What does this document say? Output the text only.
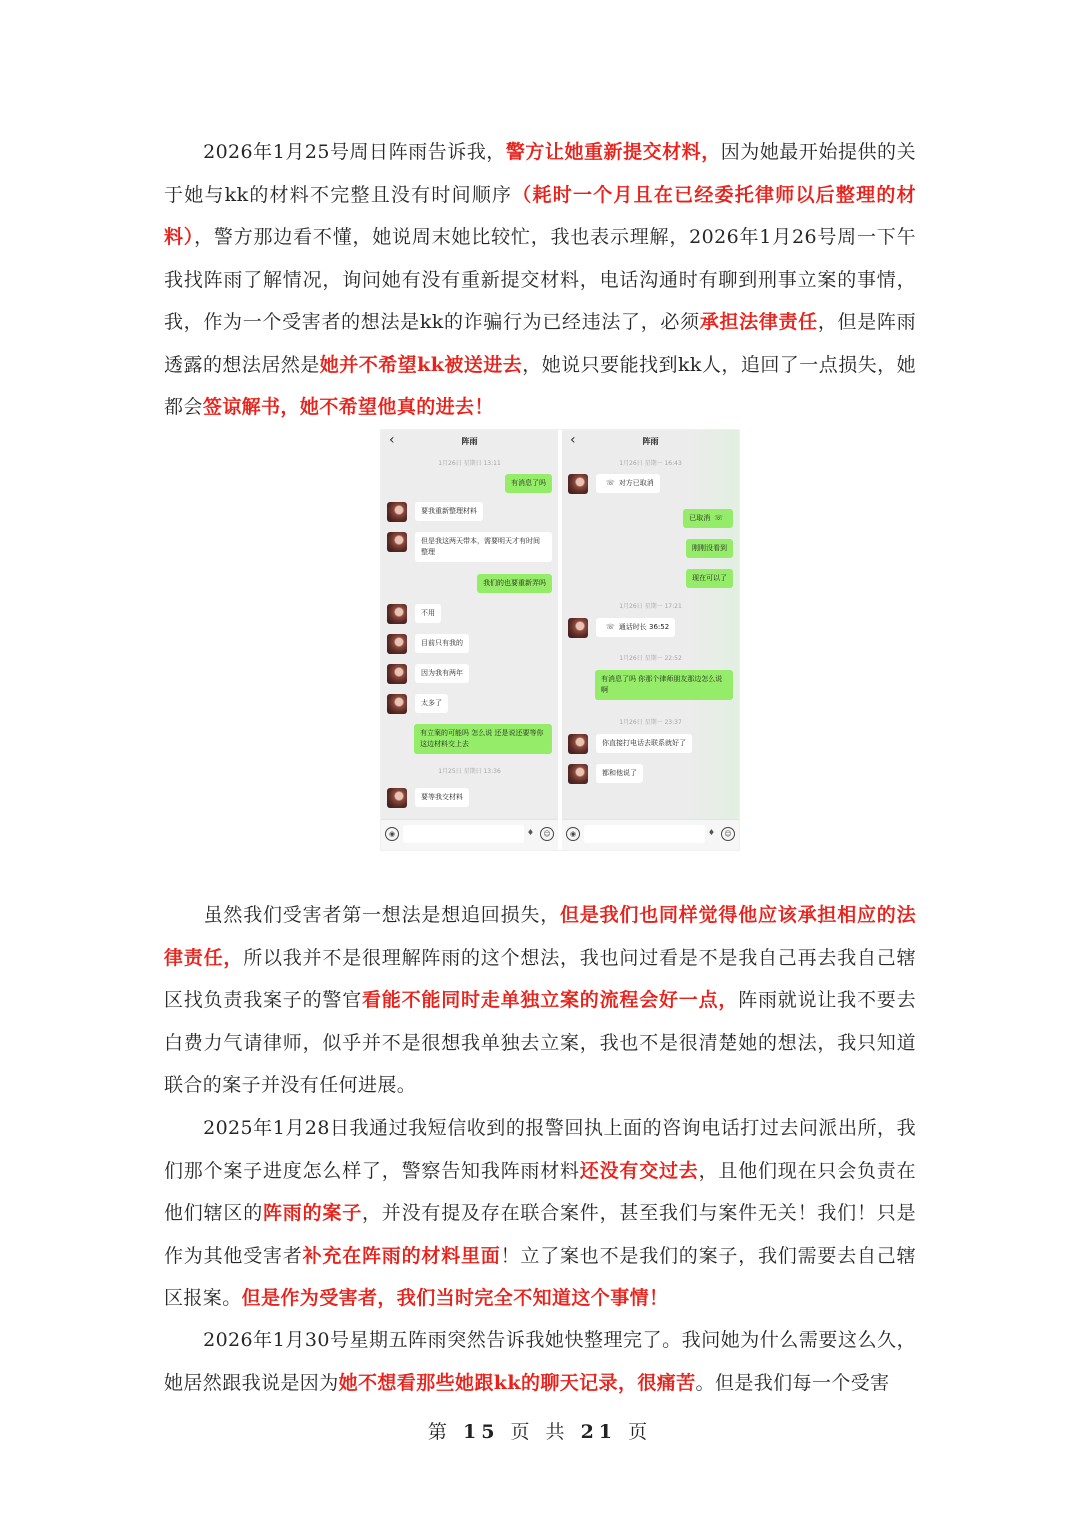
　　2026年1月25号周日阵雨告诉我，警方让她重新提交材料，因为她最开始提供的关于她与kk的材料不完整且没有时间顺序（耗时一个月且在已经委托律师以后整理的材料），警方那边看不懂，她说周末她比较忙，我也表示理解，2026年1月26号周一下午我找阵雨了解情况，询问她有没有重新提交材料，电话沟通时有聊到刑事立案的事情，我，作为一个受害者的想法是kk的诈骗行为已经违法了，必须承担法律责任，但是阵雨透露的想法居然是她并不希望kk被送进去，她说只要能找到kk人，追回了一点损失，她都会签谅解书，她不希望他真的进去！

‹	阵雨
1月26日 星期日 13:11
有消息了吗
要我重新整理材料
但是我这两天带本，需要明天才有时间整理
我们的也要重新弄吗
不用
目前只有我的
因为我有两年
太多了
有立案的可能吗 怎么说 还是说还要等你这边材料交上去
1月25日 星期日 13:36
要等我交材料
◉	♦	☺
‹	阵雨
1月26日 星期一 16:43
☏ 对方已取消
已取消 ☏
刚刚没看到
现在可以了
1月26日 星期一 17:21
☏ 通话时长 36:52
1月26日 星期一 22:52
有消息了吗 你那个律师朋友那边怎么说啊
1月26日 星期一 23:37
你直接打电话去联系就好了
都和他说了
◉	♦	☺

　　虽然我们受害者第一想法是想追回损失，但是我们也同样觉得他应该承担相应的法律责任，所以我并不是很理解阵雨的这个想法，我也问过看是不是我自己再去我自己辖区找负责我案子的警官看能不能同时走单独立案的流程会好一点，阵雨就说让我不要去白费力气请律师，似乎并不是很想我单独去立案，我也不是很清楚她的想法，我只知道联合的案子并没有任何进展。

　　2025年1月28日我通过我短信收到的报警回执上面的咨询电话打过去问派出所，我们那个案子进度怎么样了，警察告知我阵雨材料还没有交过去，且他们现在只会负责在他们辖区的阵雨的案子，并没有提及存在联合案件，甚至我们与案件无关！我们！只是作为其他受害者补充在阵雨的材料里面！立了案也不是我们的案子，我们需要去自己辖区报案。但是作为受害者，我们当时完全不知道这个事情！

　　2026年1月30号星期五阵雨突然告诉我她快整理完了。我问她为什么需要这么久，她居然跟我说是因为她不想看那些她跟kk的聊天记录，很痛苦。但是我们每一个受害

第 15 页 共 21 页
